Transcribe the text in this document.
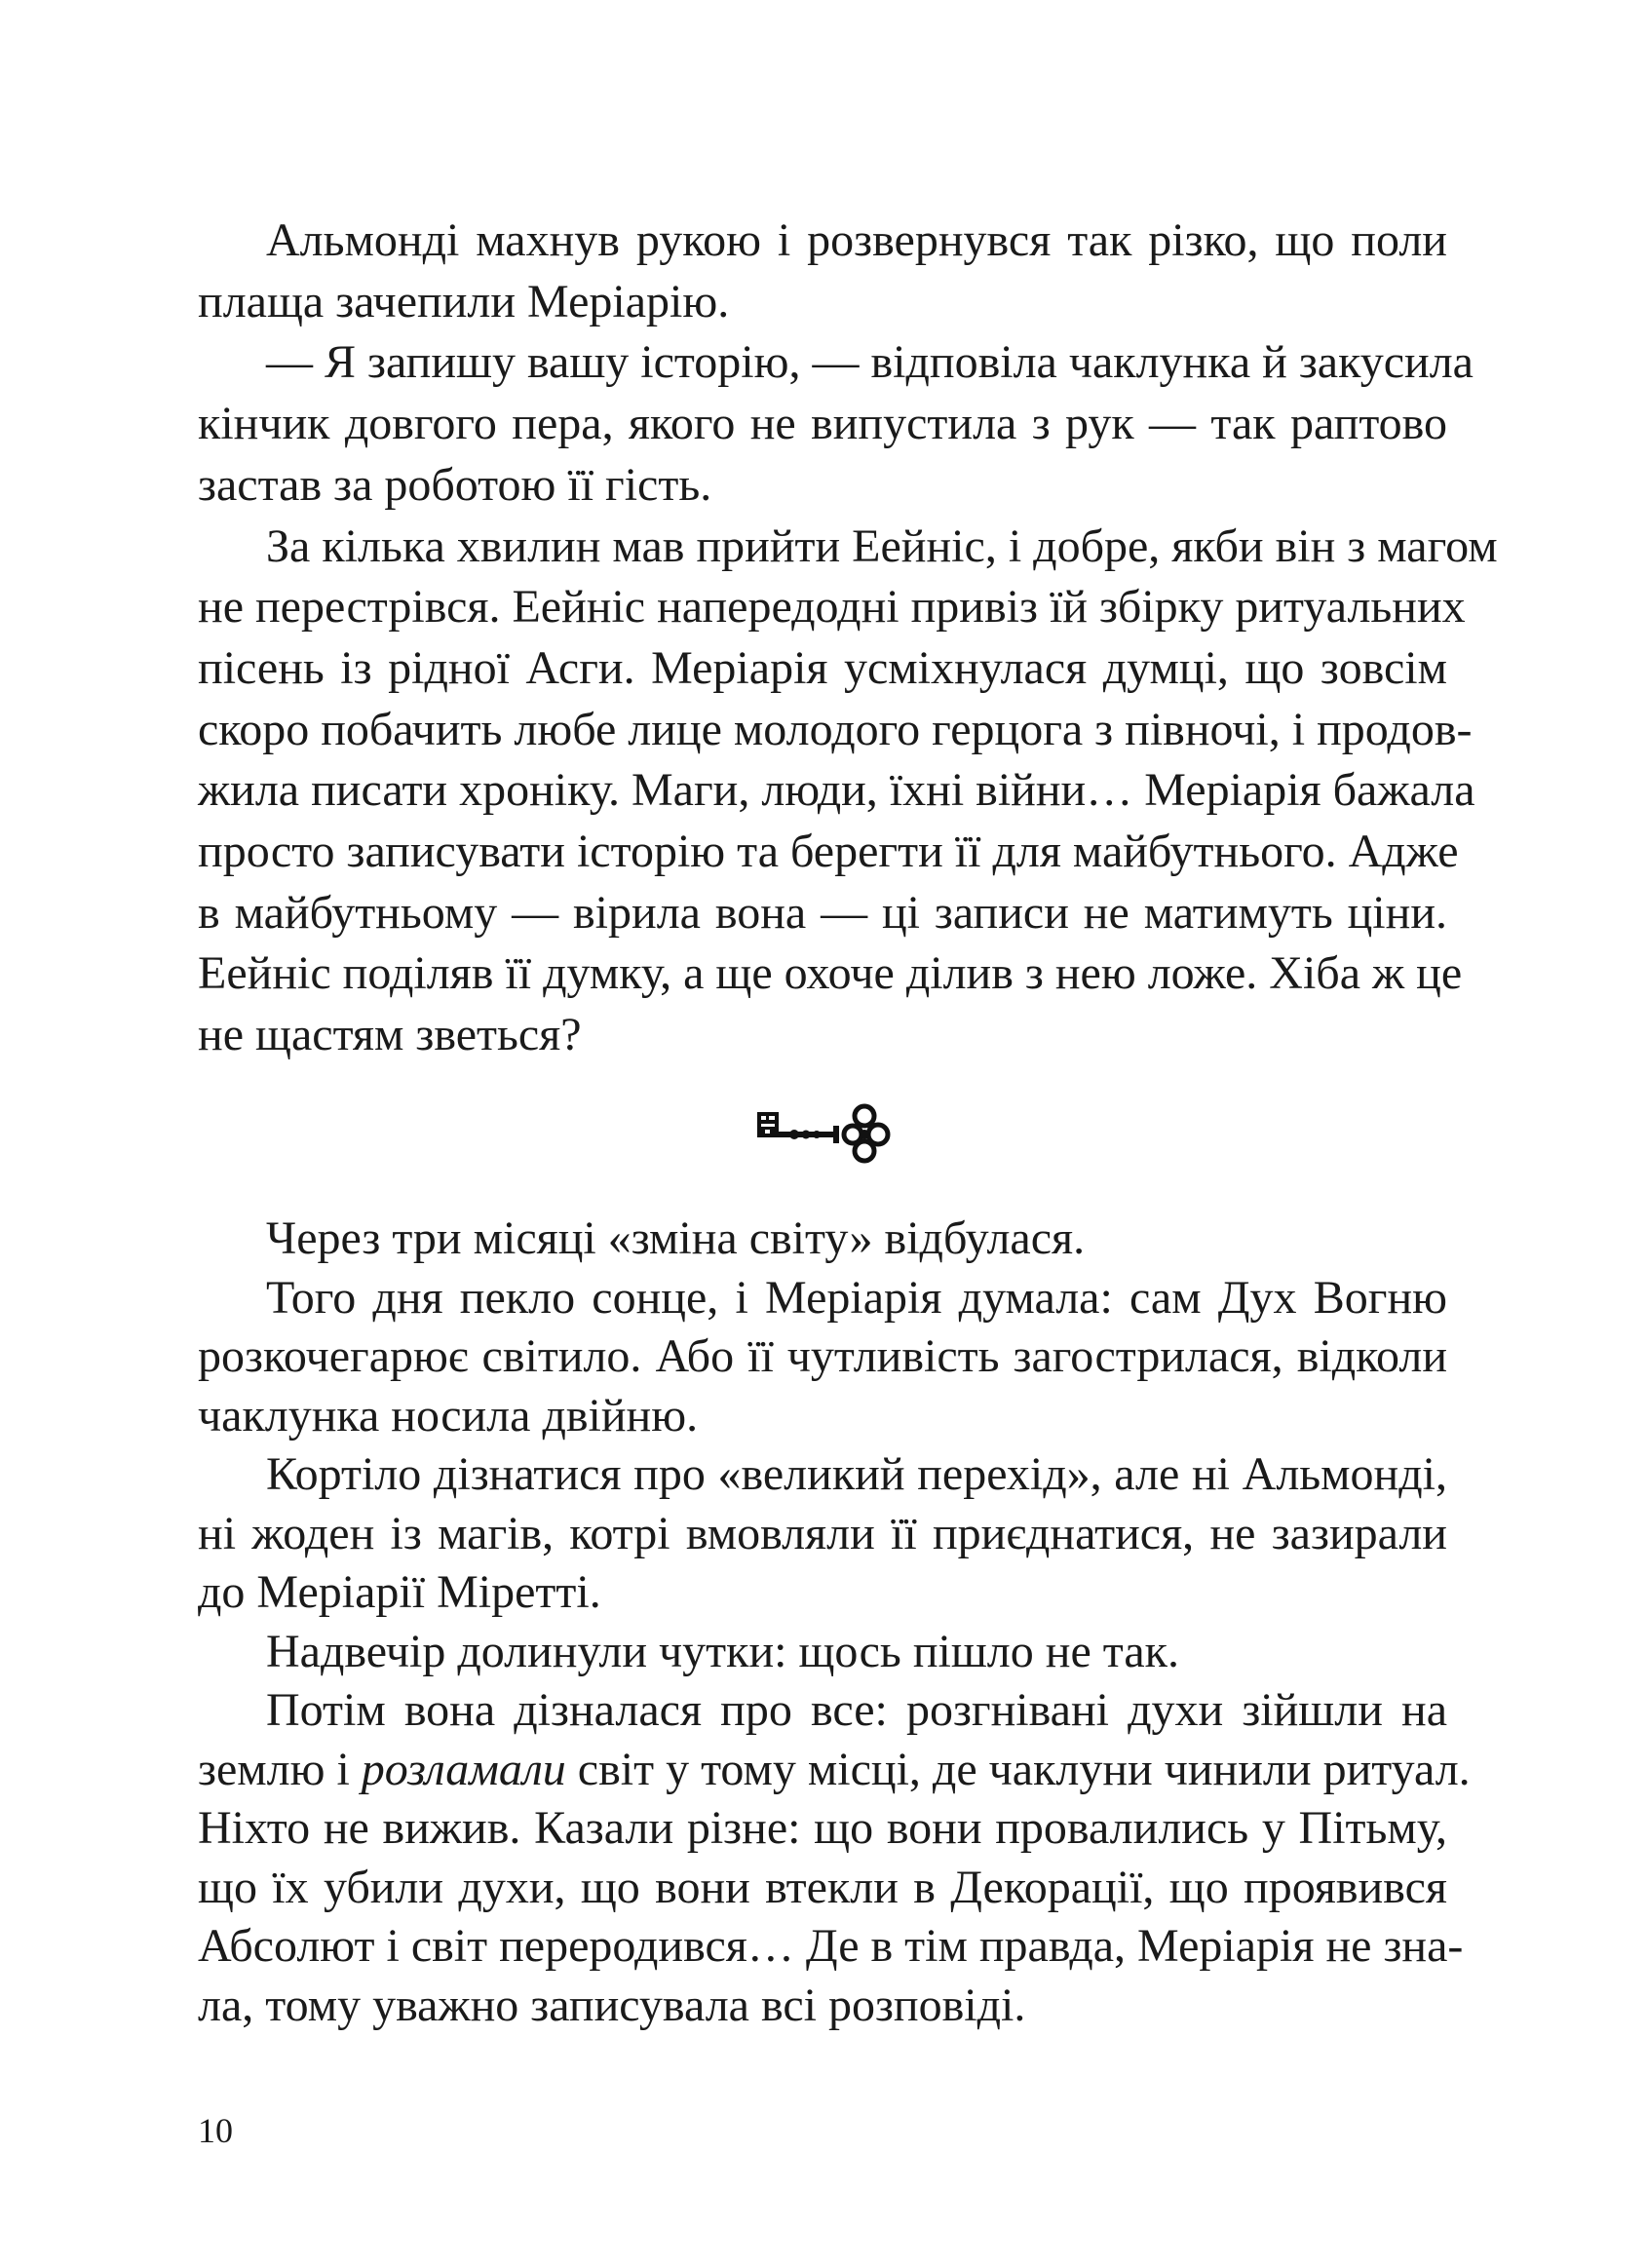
Альмонді махнув рукою і розвернувся так різко, що поли
плаща зачепили Меріарію.

— Я запишу вашу історію, — відповіла чаклунка й закусила
кінчик довгого пера, якого не випустила з рук — так раптово
застав за роботою її гість.

За кілька хвилин мав прийти Еейніс, і добре, якби він з магом
не перестрівся. Еейніс напередодні привіз їй збірку ритуальних
пісень із рідної Асги. Меріарія усміхнулася думці, що зовсім
скоро побачить любе лице молодого герцога з півночі, і продов-
жила писати хроніку. Маги, люди, їхні війни… Меріарія бажала
просто записувати історію та берегти її для майбутнього. Адже
в майбутньому — вірила вона — ці записи не матимуть ціни.
Еейніс поділяв її думку, а ще охоче ділив з нею ложе. Хіба ж це
не щастям зветься?

Через три місяці «зміна світу» відбулася.

Того дня пекло сонце, і Меріарія думала: сам Дух Вогню
розкочегарює світило. Або її чутливість загострилася, відколи
чаклунка носила двійню.

Кортіло дізнатися про «великий перехід», але ні Альмонді,
ні жоден із магів, котрі вмовляли її приєднатися, не зазирали
до Меріарії Міретті.

Надвечір долинули чутки: щось пішло не так.

Потім вона дізналася про все: розгнівані духи зійшли на
землю і розламали світ у тому місці, де чаклуни чинили ритуал.
Ніхто не вижив. Казали різне: що вони провалились у Пітьму,
що їх убили духи, що вони втекли в Декорації, що проявився
Абсолют і світ переродився… Де в тім правда, Меріарія не зна-
ла, тому уважно записувала всі розповіді.

10
